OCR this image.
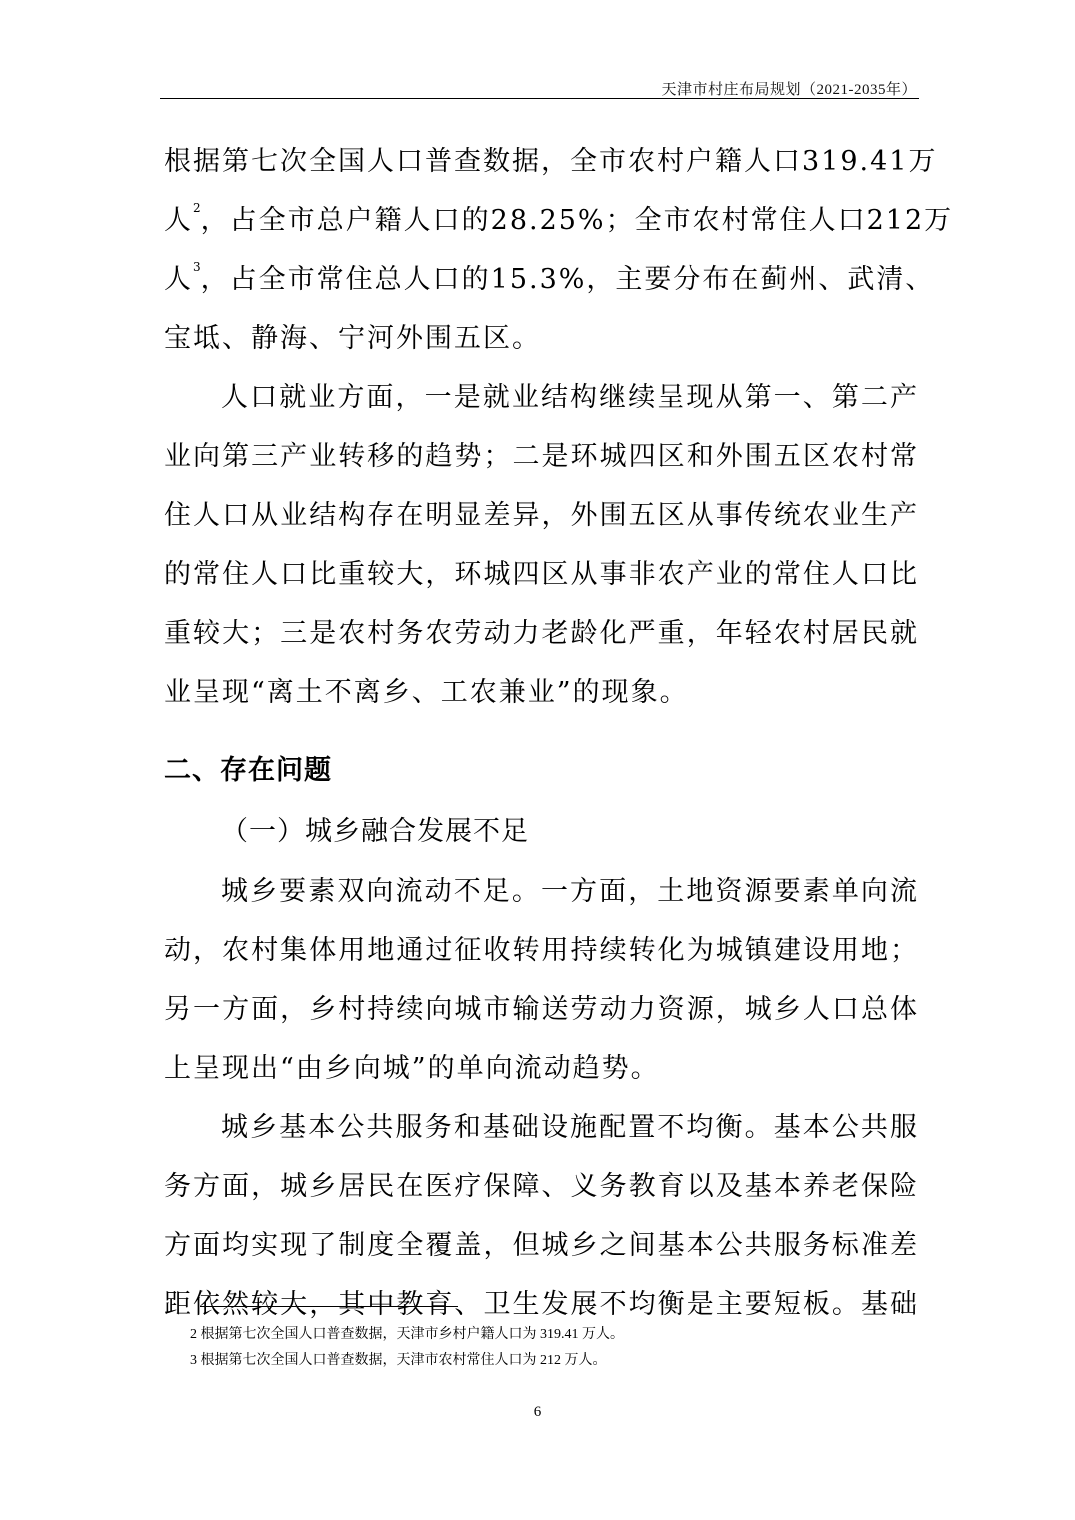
天津市村庄布局规划（2021-2035年）
根据第七次全国人口普查数据，全市农村户籍人口319.41万
人$^2$，占全市总户籍人口的28.25%；全市农村常住人口212万
人$^3$，占全市常住总人口的15.3%，主要分布在蓟州、武清、
宝坻、静海、宁河外围五区。
人口就业方面，一是就业结构继续呈现从第一、第二产
业向第三产业转移的趋势；二是环城四区和外围五区农村常
住人口从业结构存在明显差异，外围五区从事传统农业生产
的常住人口比重较大，环城四区从事非农产业的常住人口比
重较大；三是农村务农劳动力老龄化严重，年轻农村居民就
业呈现“离土不离乡、工农兼业”的现象。
二、存在问题
（一）城乡融合发展不足
城乡要素双向流动不足。一方面，土地资源要素单向流
动，农村集体用地通过征收转用持续转化为城镇建设用地；
另一方面，乡村持续向城市输送劳动力资源，城乡人口总体
上呈现出“由乡向城”的单向流动趋势。
城乡基本公共服务和基础设施配置不均衡。基本公共服
务方面，城乡居民在医疗保障、义务教育以及基本养老保险
方面均实现了制度全覆盖，但城乡之间基本公共服务标准差
距依然较大，其中教育、卫生发展不均衡是主要短板。基础
2 根据第七次全国人口普查数据，天津市乡村户籍人口为 319.41 万人。
3 根据第七次全国人口普查数据，天津市农村常住人口为 212 万人。
6
